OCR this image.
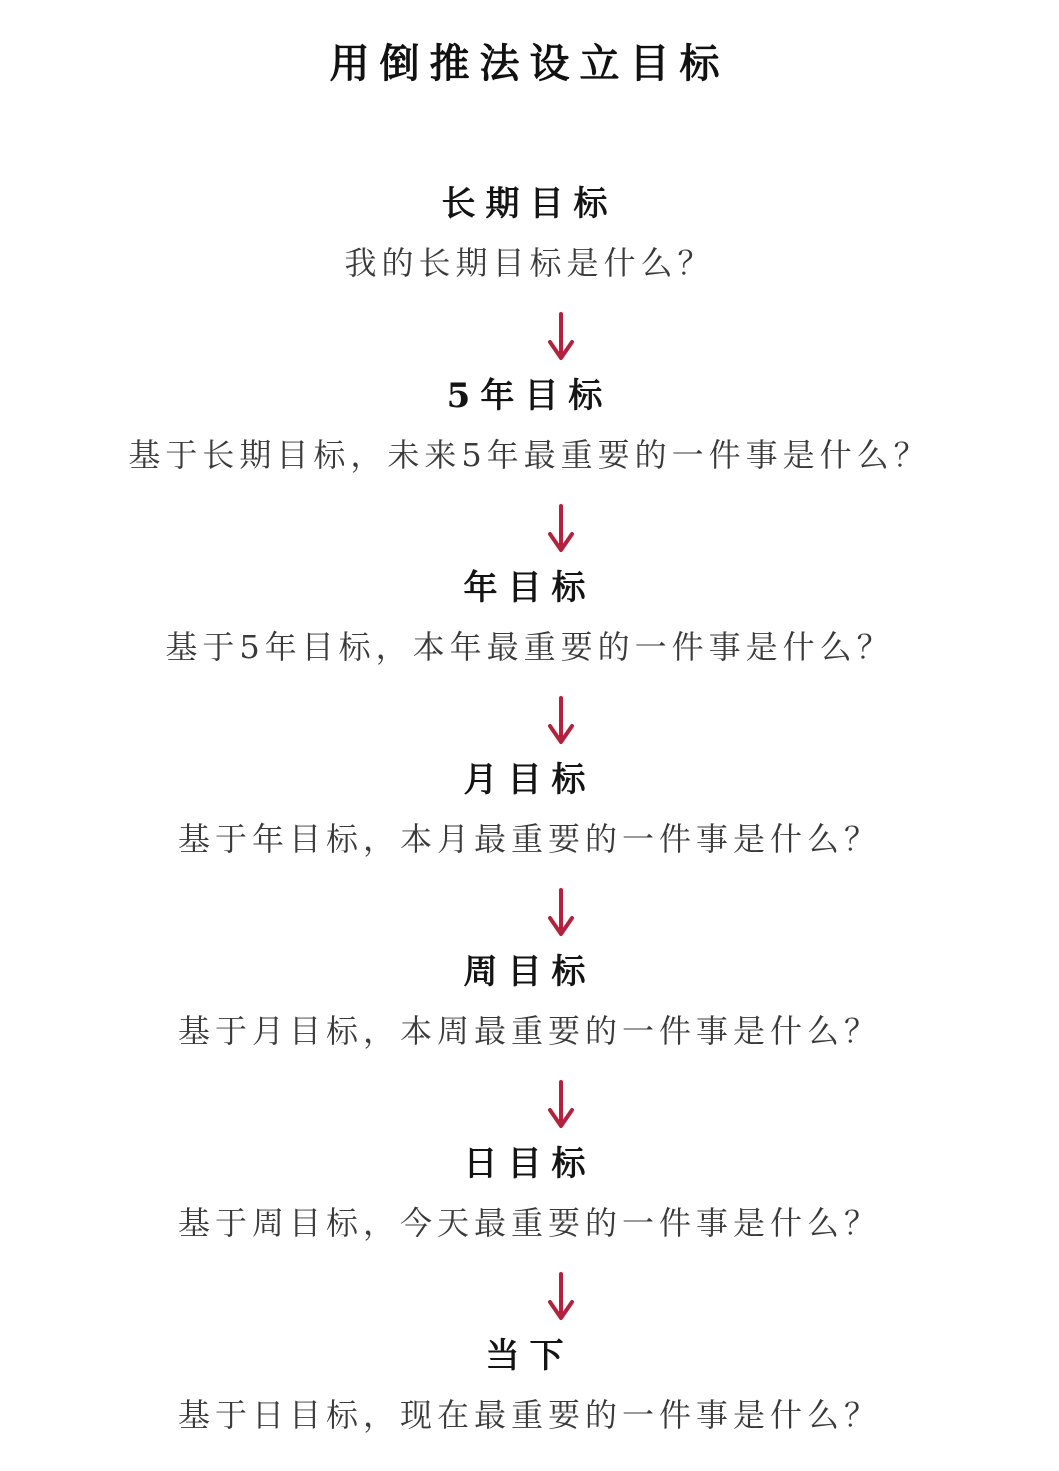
用倒推法设立目标
长期目标
我的长期目标是什么？
5年目标
基于长期目标，未来5年最重要的一件事是什么？
年目标
基于5年目标，本年最重要的一件事是什么？
月目标
基于年目标，本月最重要的一件事是什么？
周目标
基于月目标，本周最重要的一件事是什么？
日目标
基于周目标，今天最重要的一件事是什么？
当下
基于日目标，现在最重要的一件事是什么？
